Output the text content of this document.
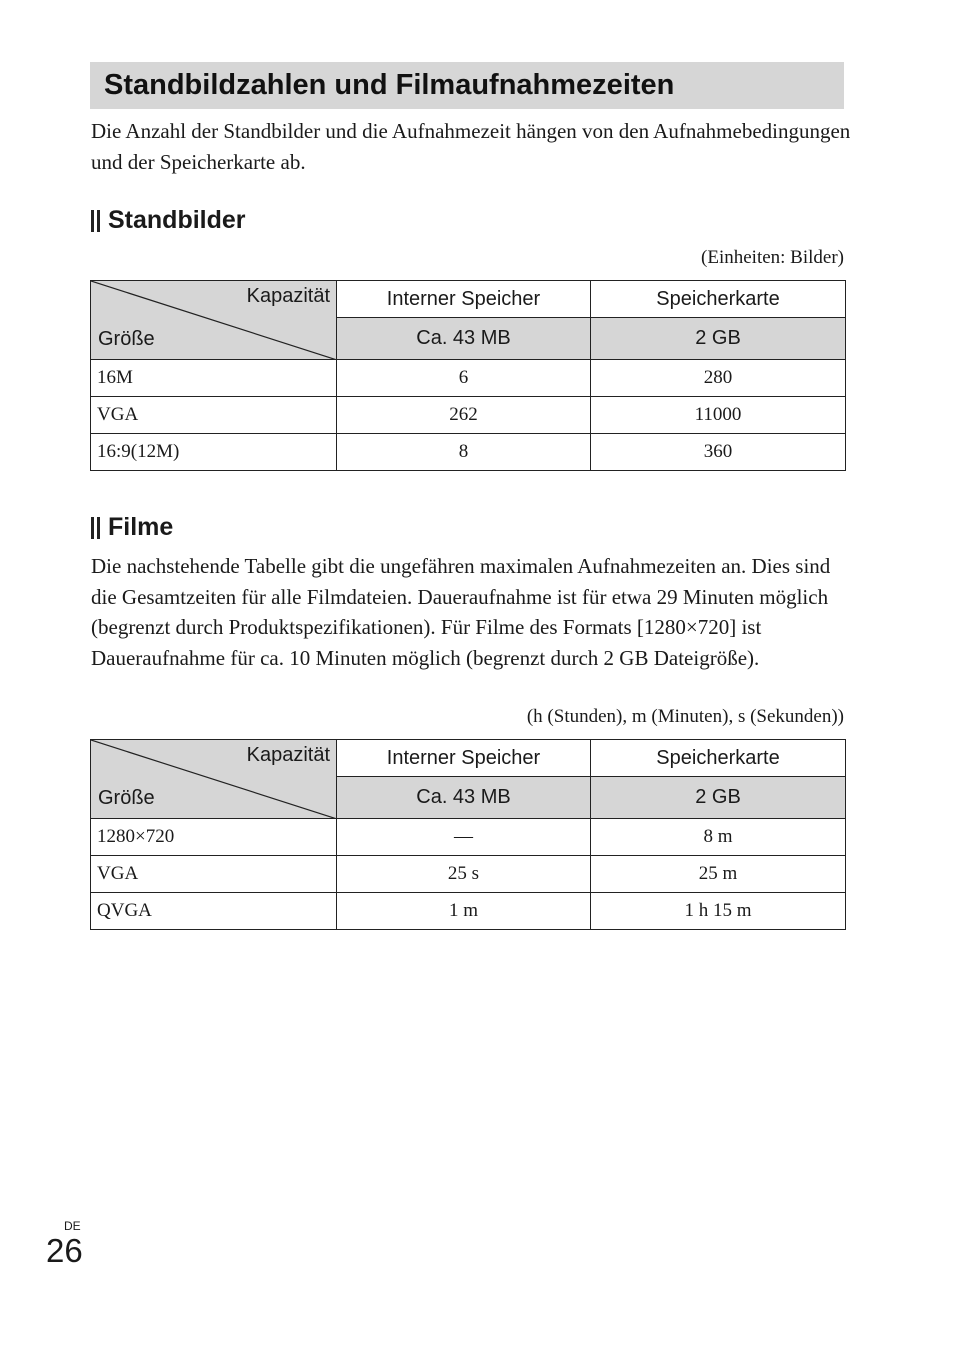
Standbildzahlen und Filmaufnahmezeiten

Die Anzahl der Standbilder und die Aufnahmezeit hängen von den Aufnahmebedingungen und der Speicherkarte ab.

Standbilder

(Einheiten: Bilder)

Kapazität
Größe	Interner Speicher	Speicherkarte
	Ca. 43 MB	2 GB
16M	6	280
VGA	262	11000
16:9(12M)	8	360
Filme

Die nachstehende Tabelle gibt die ungefähren maximalen Aufnahmezeiten an. Dies sind die Gesamtzeiten für alle Filmdateien. Daueraufnahme ist für etwa 29 Minuten möglich (begrenzt durch Produktspezifikationen). Für Filme des Formats [1280×720] ist Daueraufnahme für ca. 10 Minuten möglich (begrenzt durch 2 GB Dateigröße).

(h (Stunden), m (Minuten), s (Sekunden))

Kapazität
Größe	Interner Speicher	Speicherkarte
	Ca. 43 MB	2 GB
1280×720	—	8 m
VGA	25 s	25 m
QVGA	1 m	1 h 15 m
DE
26
